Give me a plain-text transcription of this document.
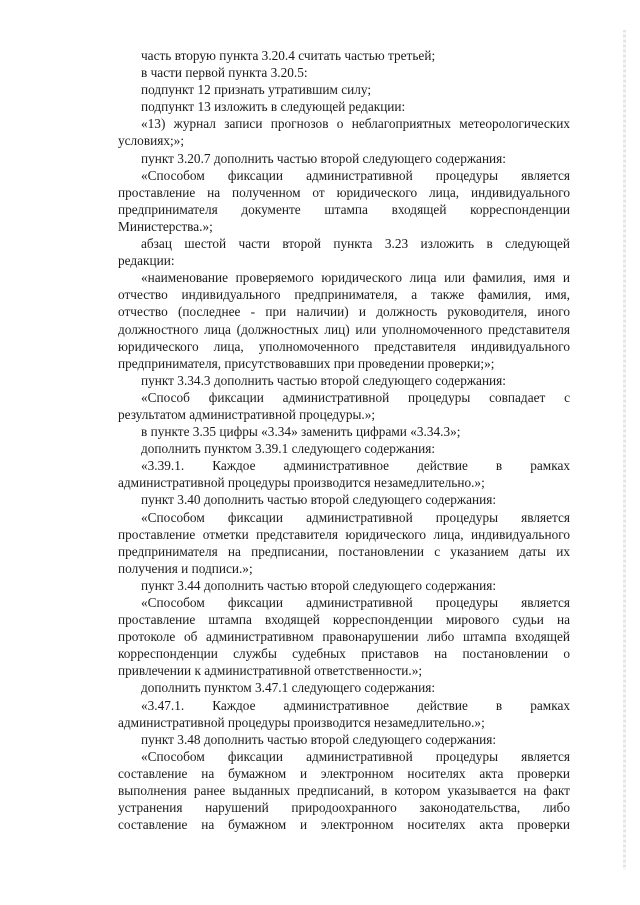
часть вторую пункта 3.20.4 считать частью третьей;
в части первой пункта 3.20.5:
подпункт 12 признать утратившим силу;
подпункт 13 изложить в следующей редакции:
«13) журнал записи прогнозов о неблагоприятных метеорологических
условиях;»;
пункт 3.20.7 дополнить частью второй следующего содержания:
«Способом фиксации административной процедуры является
проставление на полученном от юридического лица, индивидуального
предпринимателя документе штампа входящей корреспонденции
Министерства.»;
абзац шестой части второй пункта 3.23 изложить в следующей
редакции:
«наименование проверяемого юридического лица или фамилия, имя и
отчество индивидуального предпринимателя, а также фамилия, имя,
отчество (последнее - при наличии) и должность руководителя, иного
должностного лица (должностных лиц) или уполномоченного представителя
юридического лица, уполномоченного представителя индивидуального
предпринимателя, присутствовавших при проведении проверки;»;
пункт 3.34.3 дополнить частью второй следующего содержания:
«Способ фиксации административной процедуры совпадает с
результатом административной процедуры.»;
в пункте 3.35 цифры «3.34» заменить цифрами «3.34.3»;
дополнить пунктом 3.39.1 следующего содержания:
«3.39.1. Каждое административное действие в рамках
административной процедуры производится незамедлительно.»;
пункт 3.40 дополнить частью второй следующего содержания:
«Способом фиксации административной процедуры является
проставление отметки представителя юридического лица, индивидуального
предпринимателя на предписании, постановлении с указанием даты их
получения и подписи.»;
пункт 3.44 дополнить частью второй следующего содержания:
«Способом фиксации административной процедуры является
проставление штампа входящей корреспонденции мирового судьи на
протоколе об административном правонарушении либо штампа входящей
корреспонденции службы судебных приставов на постановлении о
привлечении к административной ответственности.»;
дополнить пунктом 3.47.1 следующего содержания:
«3.47.1. Каждое административное действие в рамках
административной процедуры производится незамедлительно.»;
пункт 3.48 дополнить частью второй следующего содержания:
«Способом фиксации административной процедуры является
составление на бумажном и электронном носителях акта проверки
выполнения ранее выданных предписаний, в котором указывается на факт
устранения нарушений природоохранного законодательства, либо
составление на бумажном и электронном носителях акта проверки
